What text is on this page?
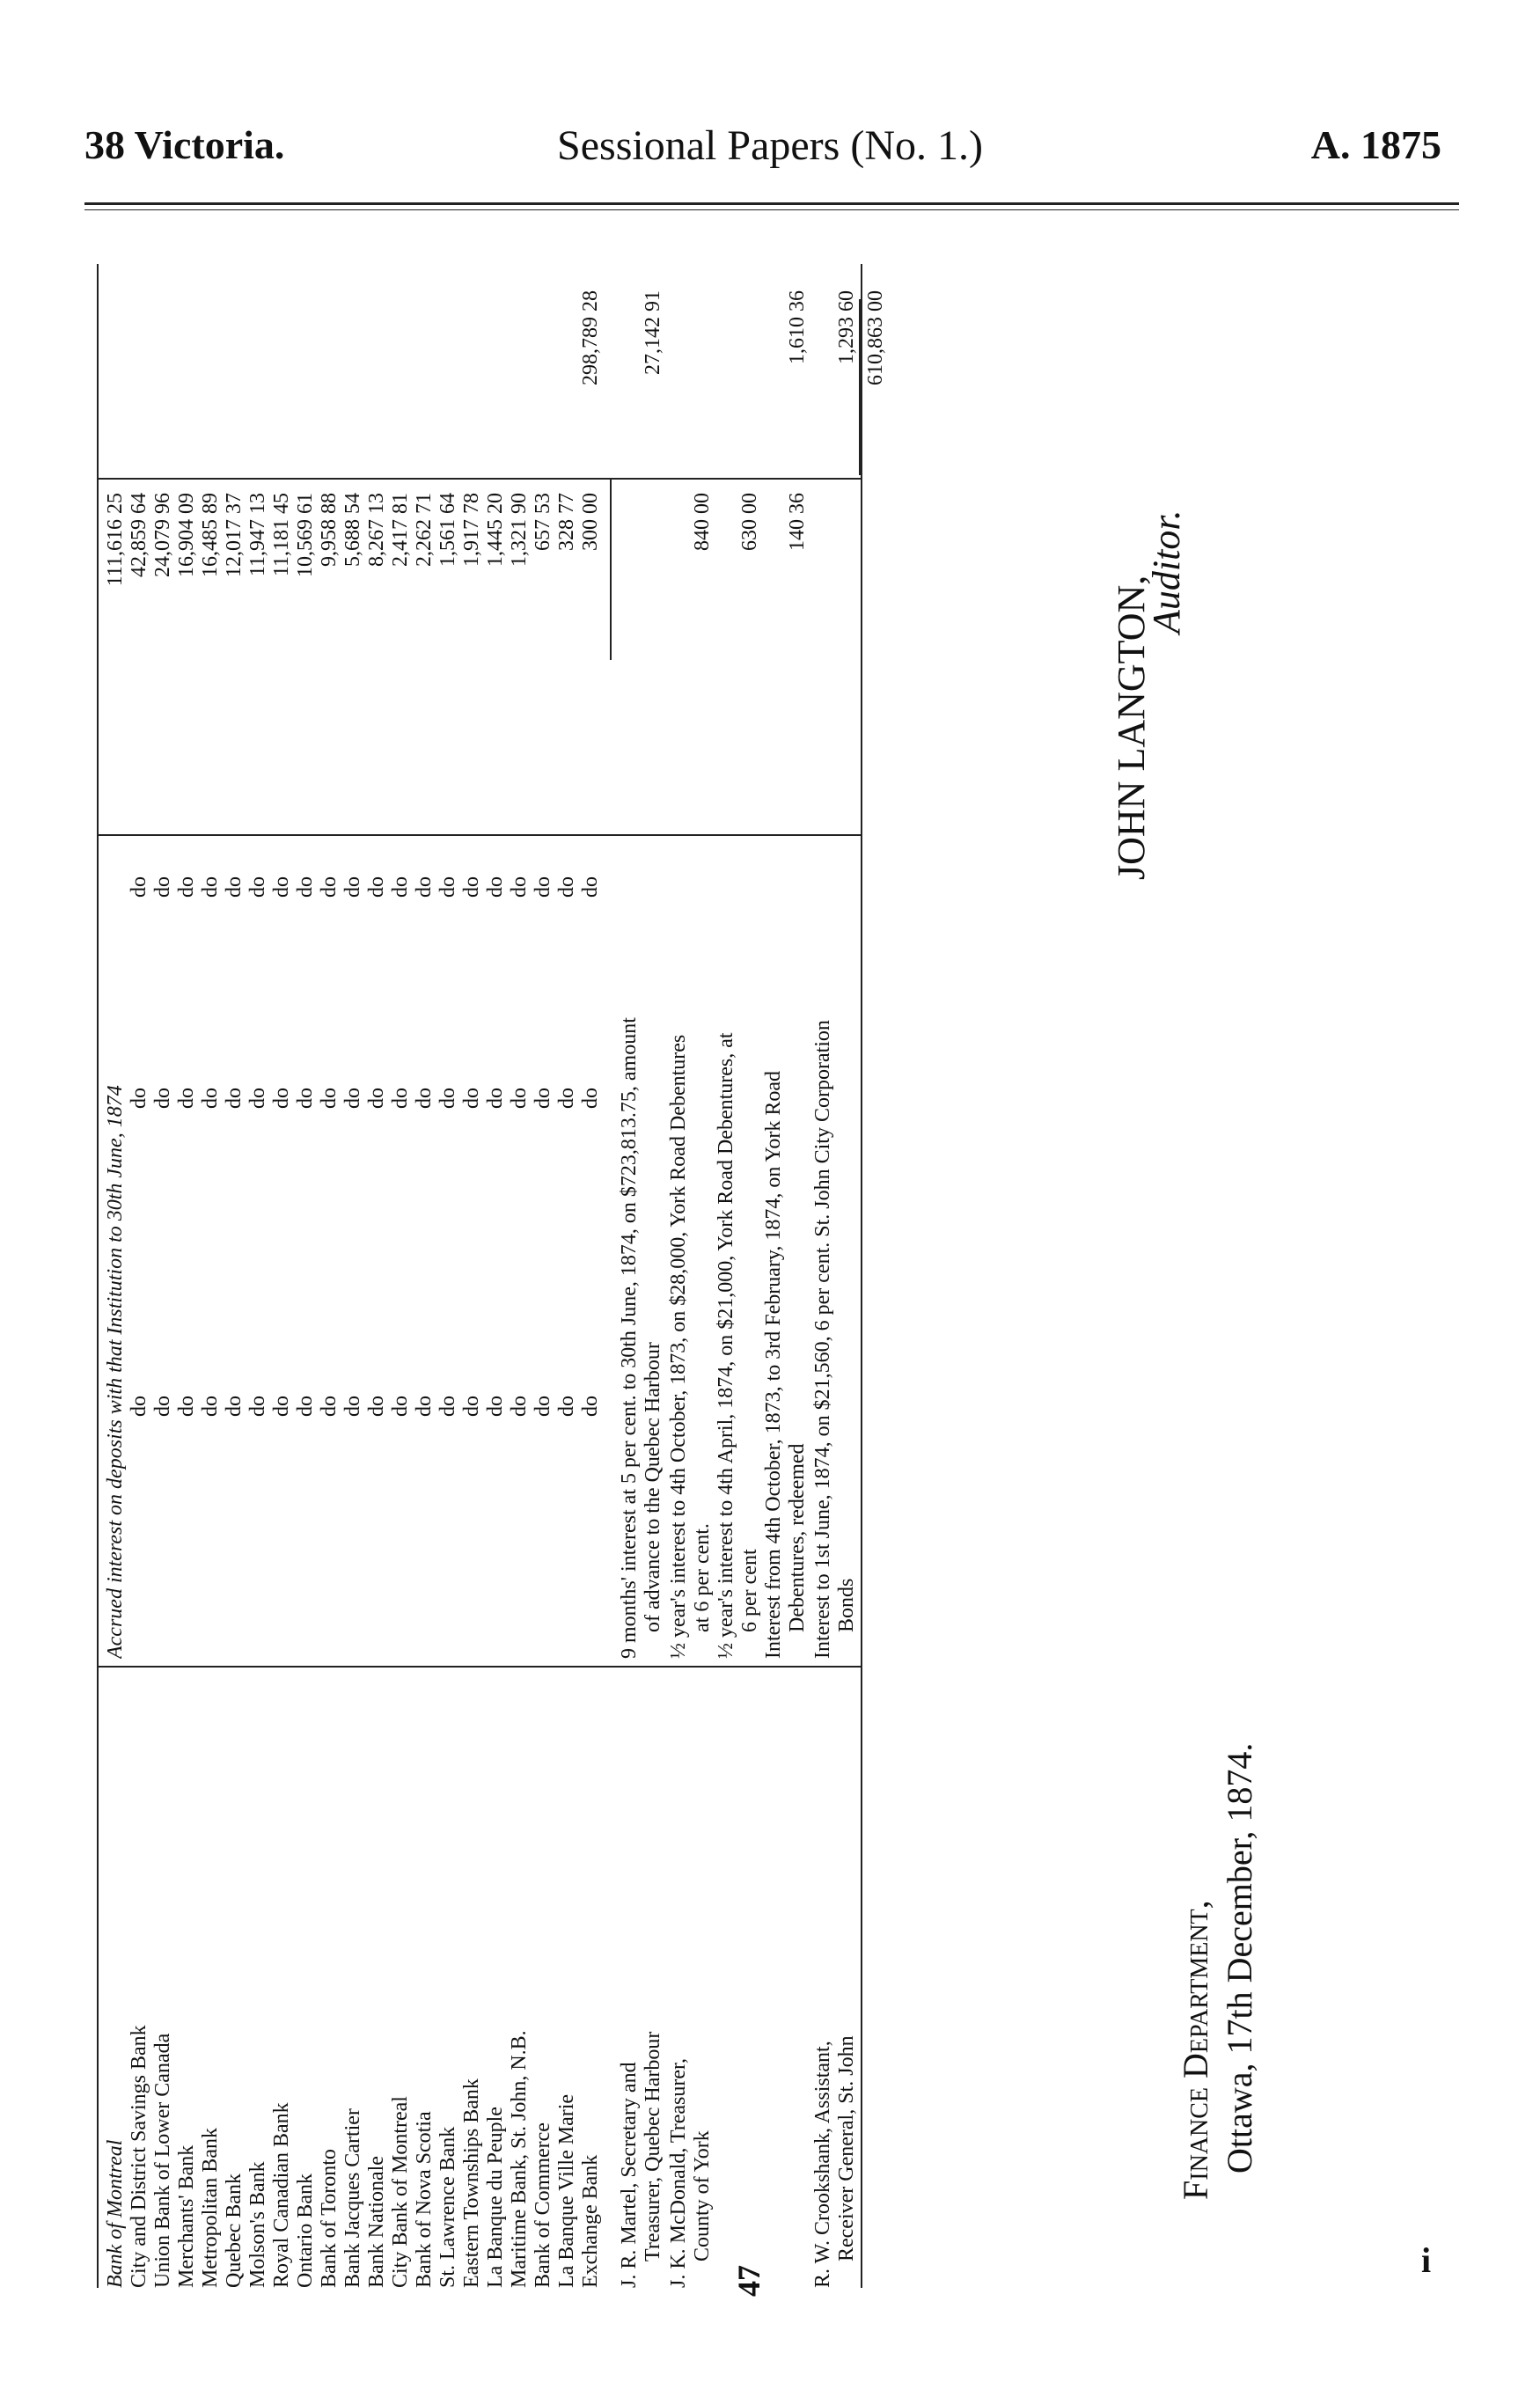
38 Victoria.	Sessional Papers (No. 1.)	A. 1875
Bank of Montreal
Accrued interest on deposits with that Institution to 30th June, 1874
111,616 25
City and District Savings Bank
do
do
do
42,859 64
Union Bank of Lower Canada
do
do
do
24,079 96
Merchants' Bank
do
do
do
16,904 09
Metropolitan Bank
do
do
do
16,485 89
Quebec Bank
do
do
do
12,017 37
Molson's Bank
do
do
do
11,947 13
Royal Canadian Bank
do
do
do
11,181 45
Ontario Bank
do
do
do
10,569 61
Bank of Toronto
do
do
do
9,958 88
Bank Jacques Cartier
do
do
do
5,688 54
Bank Nationale
do
do
do
8,267 13
City Bank of Montreal
do
do
do
2,417 81
Bank of Nova Scotia
do
do
do
2,262 71
St. Lawrence Bank
do
do
do
1,561 64
Eastern Townships Bank
do
do
do
1,917 78
La Banque du Peuple
do
do
do
1,445 20
Maritime Bank, St. John, N.B.
do
do
do
1,321 90
Bank of Commerce
do
do
do
657 53
La Banque Ville Marie
do
do
do
328 77
Exchange Bank
do
do
do
300 00
298,789 28
J. R. Martel, Secretary and
9 months' interest at 5 per cent. to 30th June, 1874, on $723,813.75, amount
Treasurer, Quebec Harbour
of advance to the Quebec Harbour
27,142 91
J. K. McDonald, Treasurer,
½ year's interest to 4th October, 1873, on $28,000, York Road Debentures
County of York
at 6 per cent.
840 00
½ year's interest to 4th April, 1874, on $21,000, York Road Debentures, at 6 per cent
630 00
Interest from 4th October, 1873, to 3rd February, 1874, on York Road Debentures, redeemed
140 36
1,610 36
R. W. Crookshank, Assistant,
Interest to 1st June, 1874, on $21,560, 6 per cent. St. John City Corporation
Receiver General, St. John
Bonds
1,293 60 610,863 00
JOHN LANGTON,
Auditor.
Finance Department, Ottawa, 17th December, 1874.
i
47
